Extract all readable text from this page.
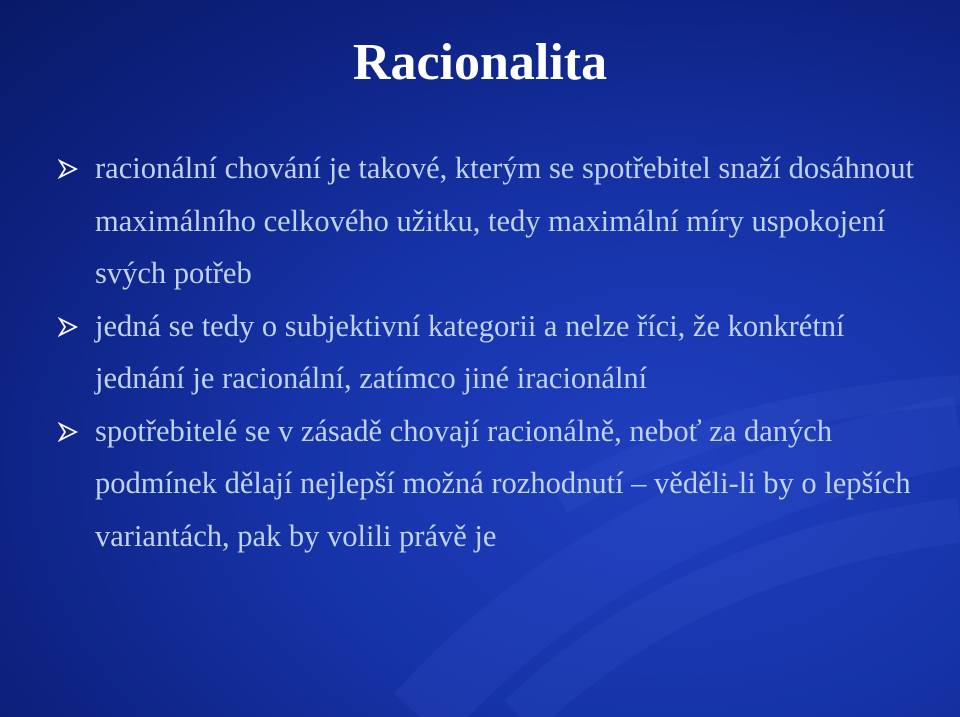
Racionalita
racionální chování je takové, kterým se spotřebitel snaží dosáhnout maximálního celkového užitku, tedy maximální míry uspokojení svých potřeb
jedná se tedy o subjektivní kategorii a nelze říci, že konkrétní jednání je racionální, zatímco jiné iracionální
spotřebitelé se v zásadě chovají racionálně, neboť za daných podmínek dělají nejlepší možná rozhodnutí – věděli-li by o lepších variantách, pak by volili právě je
